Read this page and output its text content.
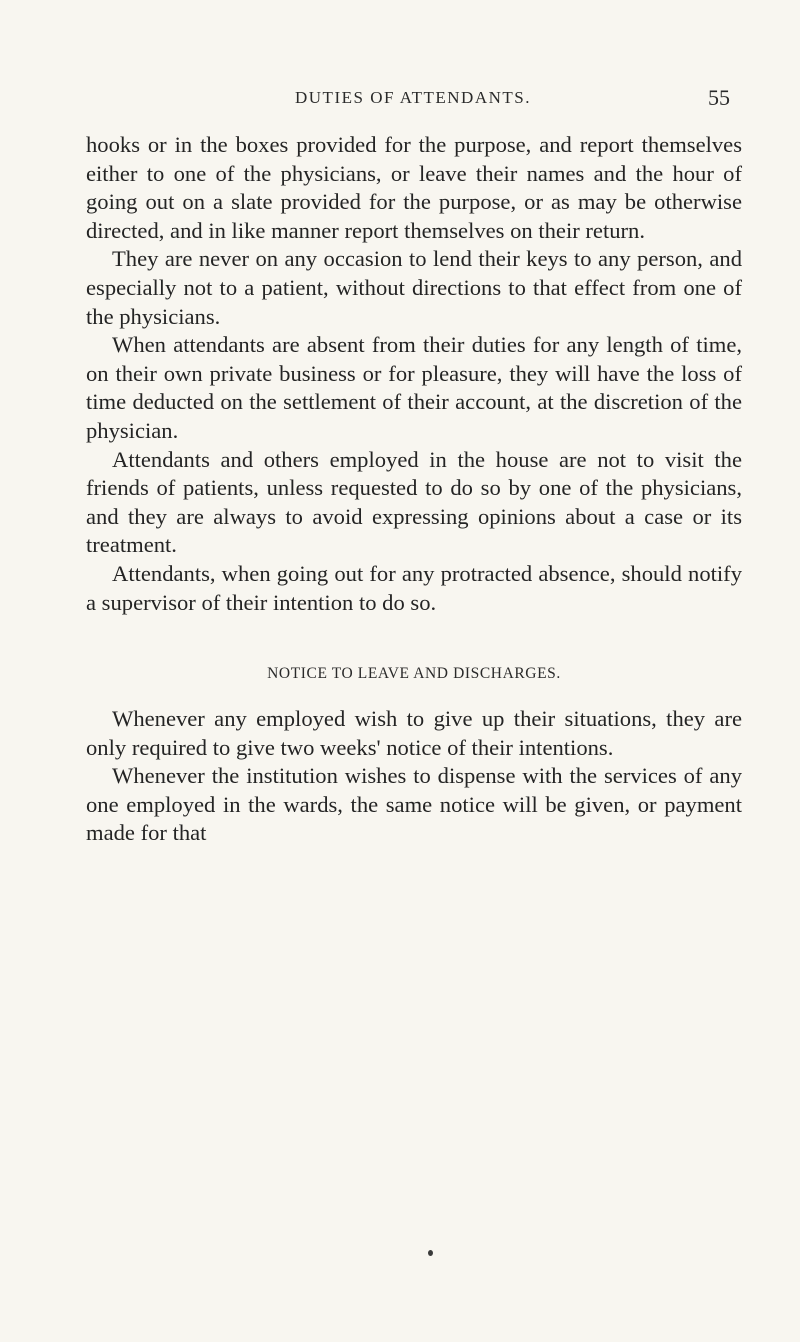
DUTIES OF ATTENDANTS.	55

hooks or in the boxes provided for the purpose, and report themselves either to one of the physicians, or leave their names and the hour of going out on a slate provided for the purpose, or as may be otherwise directed, and in like manner report themselves on their return.

They are never on any occasion to lend their keys to any person, and especially not to a patient, without directions to that effect from one of the physicians.

When attendants are absent from their duties for any length of time, on their own private business or for pleasure, they will have the loss of time deducted on the settlement of their account, at the discretion of the physician.

Attendants and others employed in the house are not to visit the friends of patients, unless requested to do so by one of the physicians, and they are always to avoid expressing opinions about a case or its treatment.

Attendants, when going out for any protracted absence, should notify a supervisor of their intention to do so.

NOTICE TO LEAVE AND DISCHARGES.

Whenever any employed wish to give up their situations, they are only required to give two weeks' notice of their intentions.

Whenever the institution wishes to dispense with the services of any one employed in the wards, the same notice will be given, or payment made for that
